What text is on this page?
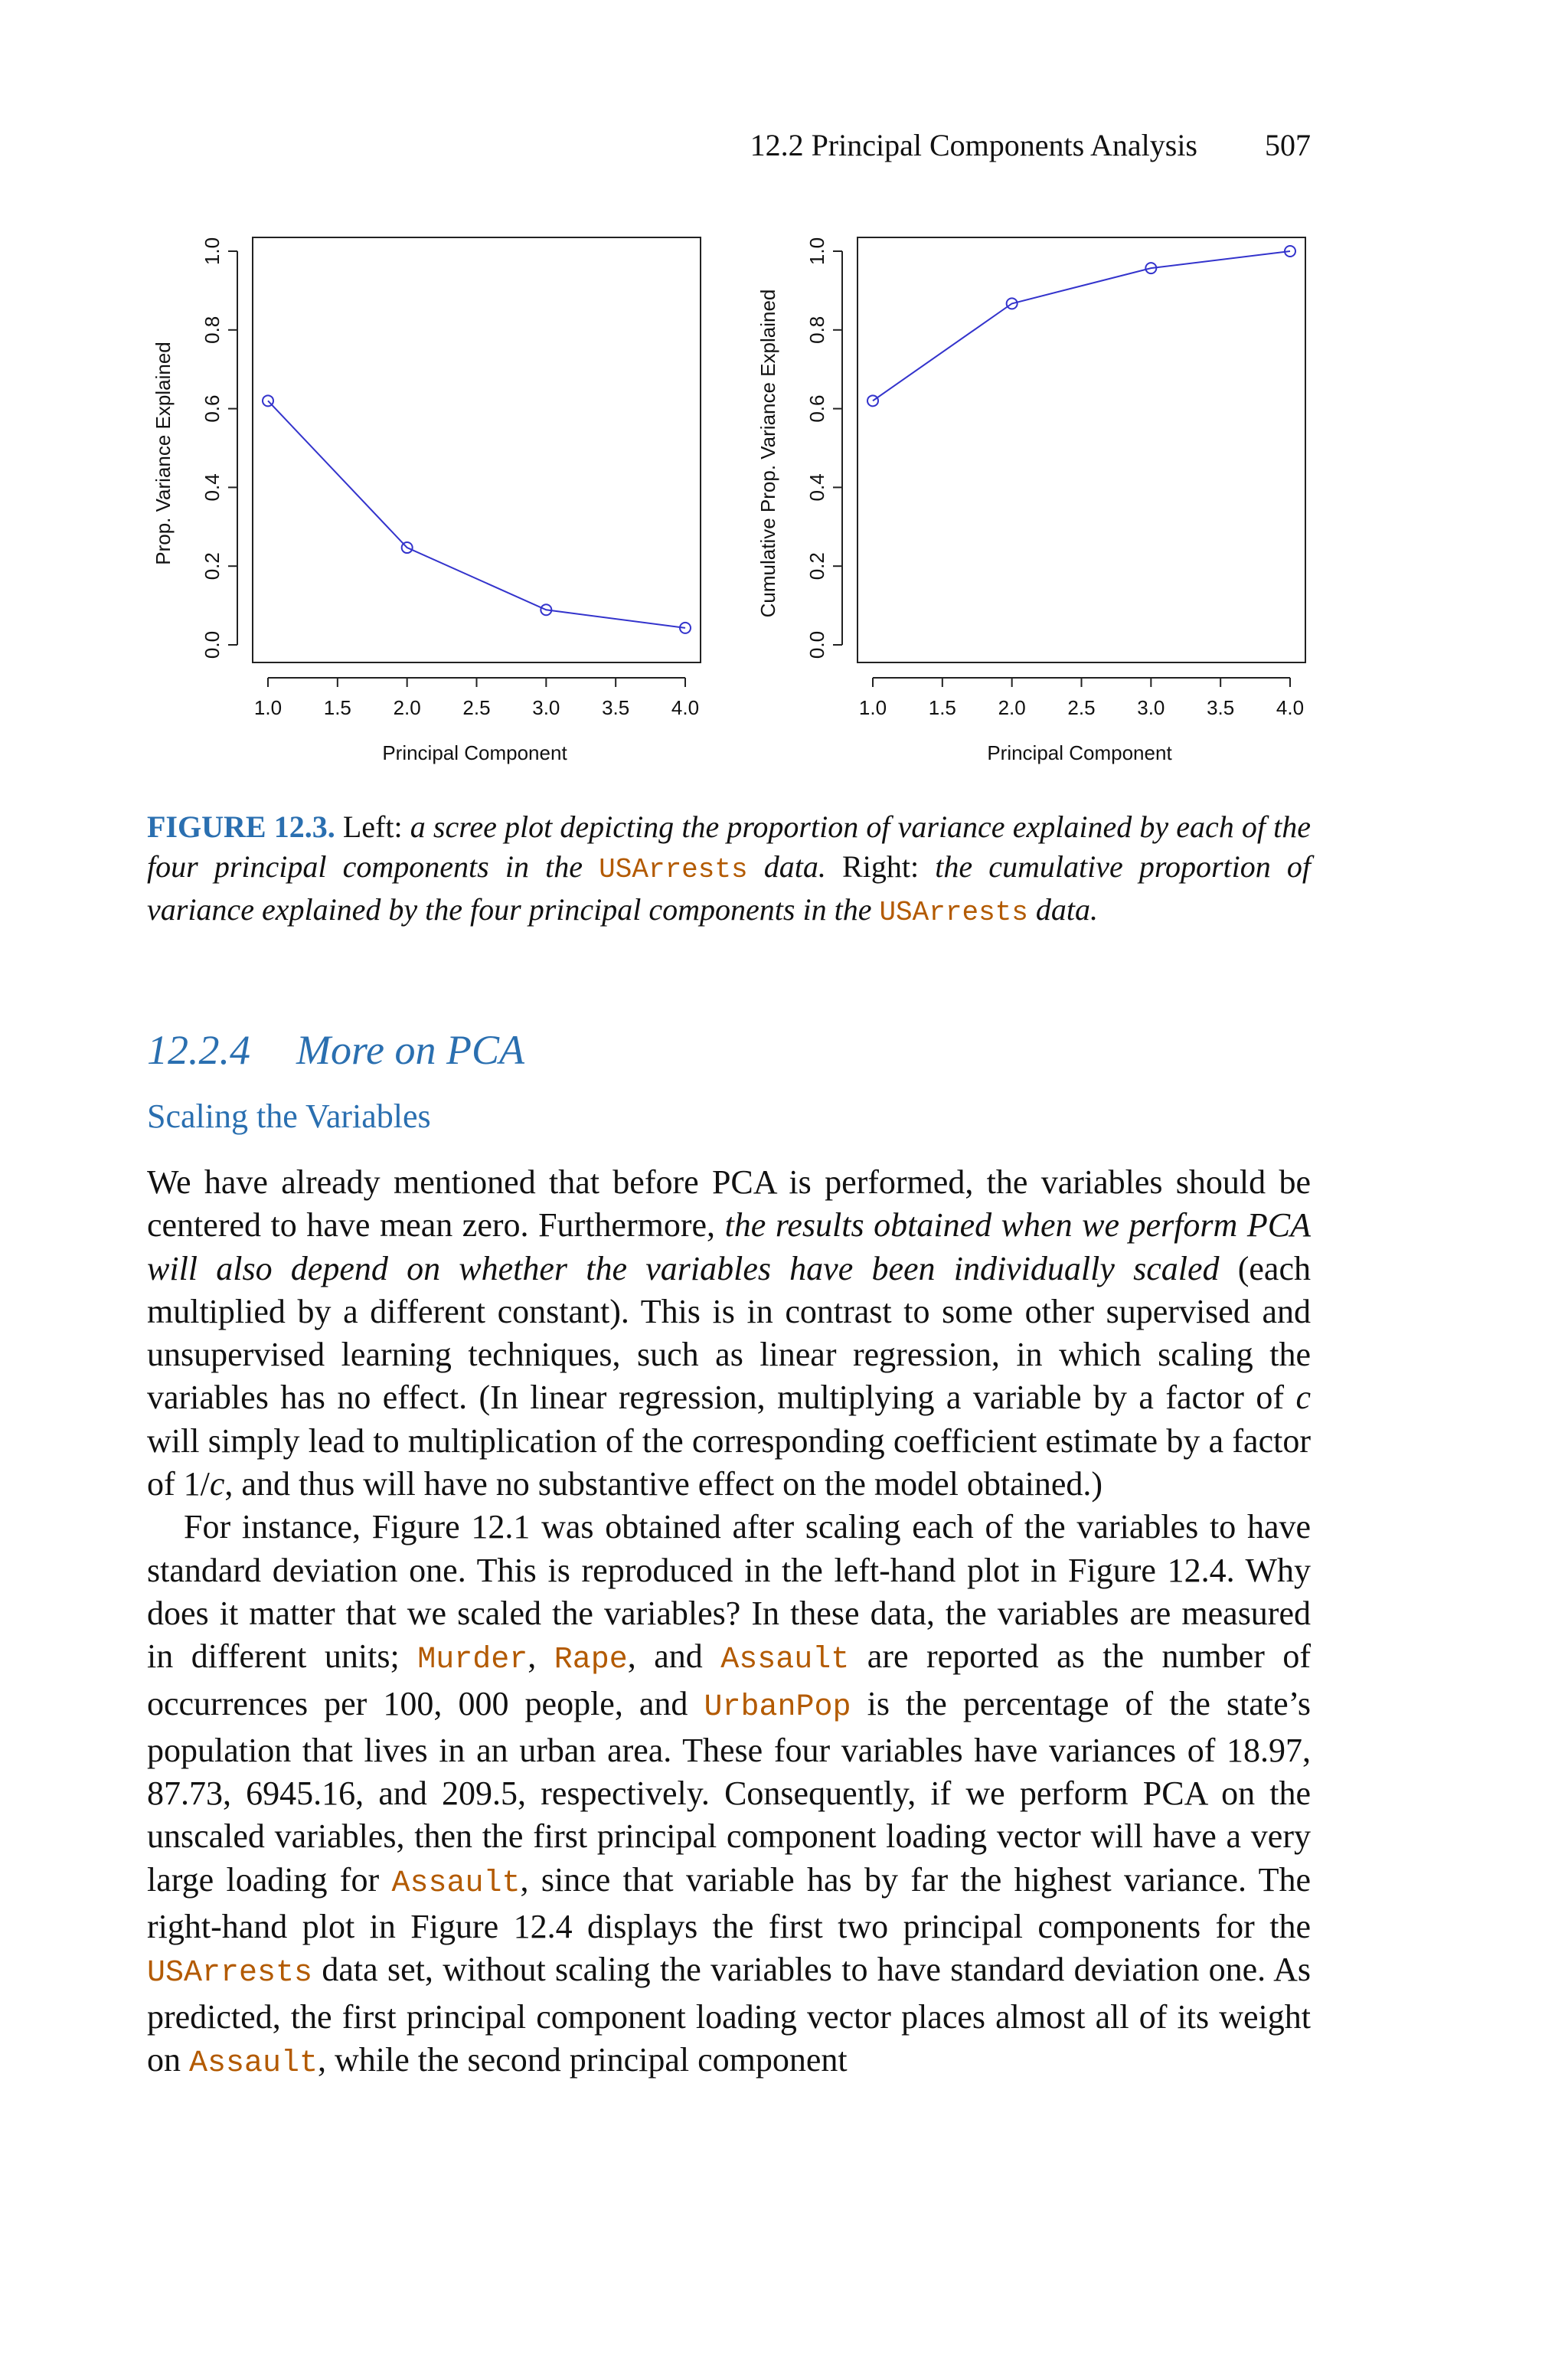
12.2 Principal Components Analysis 507
Prop. Variance Explained
Principal Component
1.0 1.5 2.0 2.5 3.0 3.5 4.0
0.0
0.2
0.4
0.6
0.8
1.0
Cumulative Prop. Variance Explained
Principal Component
1.0 1.5 2.0 2.5 3.0 3.5 4.0
0.0
0.2
0.4
0.6
0.8
1.0
FIGURE 12.3. Left: a scree plot depicting the proportion of variance explained by each of the four principal components in the USArrests data. Right: the cumulative proportion of variance explained by the four principal components in the USArrests data.
12.2.4 More on PCA
Scaling the Variables

We have already mentioned that before PCA is performed, the variables should be centered to have mean zero. Furthermore, the results obtained when we perform PCA will also depend on whether the variables have been individually scaled (each multiplied by a different constant). This is in contrast to some other supervised and unsupervised learning techniques, such as linear regression, in which scaling the variables has no effect. (In linear regression, multiplying a variable by a factor of c will simply lead to multiplication of the corresponding coefficient estimate by a factor of 1/c, and thus will have no substantive effect on the model obtained.)

For instance, Figure 12.1 was obtained after scaling each of the variables to have standard deviation one. This is reproduced in the left-hand plot in Figure 12.4. Why does it matter that we scaled the variables? In these data, the variables are measured in different units; Murder, Rape, and Assault are reported as the number of occurrences per 100, 000 people, and UrbanPop is the percentage of the state’s population that lives in an urban area. These four variables have variances of 18.97, 87.73, 6945.16, and 209.5, respectively. Consequently, if we perform PCA on the unscaled variables, then the first principal component loading vector will have a very large loading for Assault, since that variable has by far the highest variance. The right-hand plot in Figure 12.4 displays the first two principal components for the USArrests data set, without scaling the variables to have standard deviation one. As predicted, the first principal component loading vector places almost all of its weight on Assault, while the second principal component
